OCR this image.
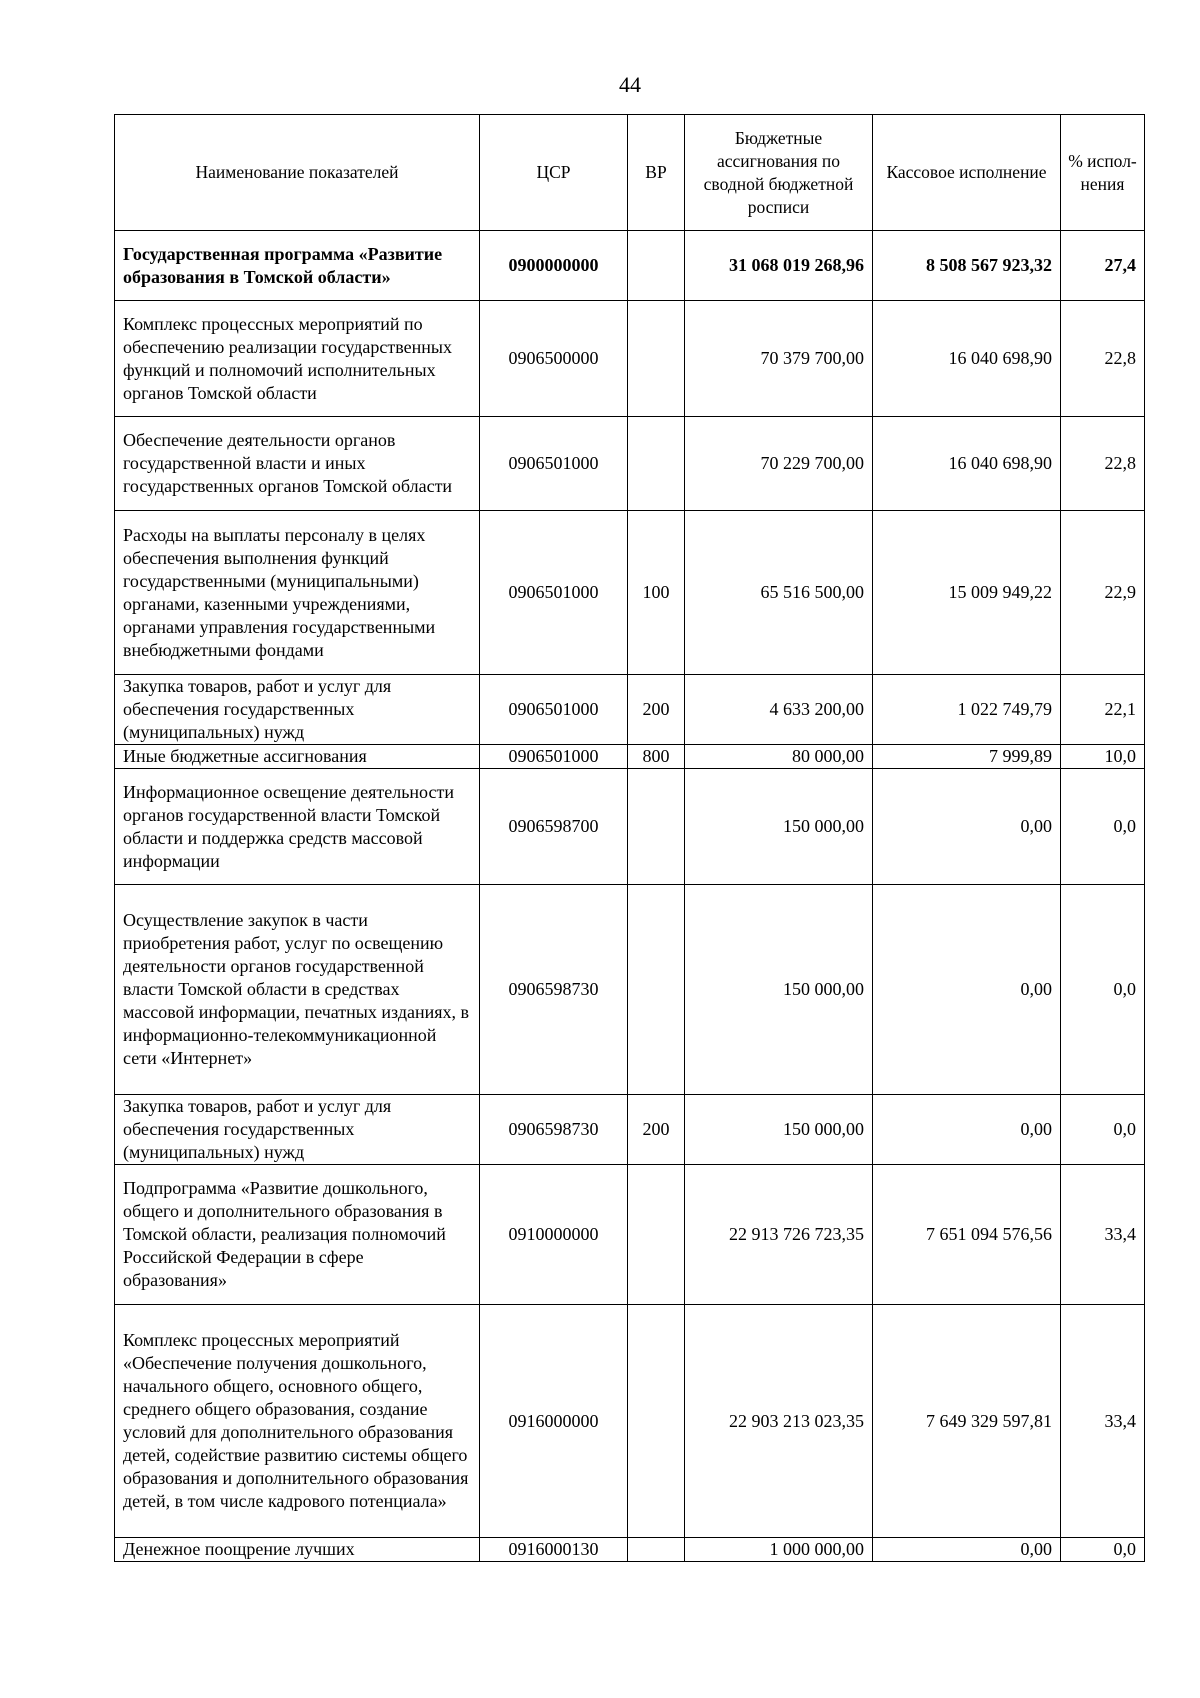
44
Наименование показателей	ЦСР	ВР	Бюджетные ассигнования по сводной бюджетной росписи	Кассовое исполнение	% испол-нения
Государственная программа «Развитие образования в Томской области»	0900000000		31 068 019 268,96	8 508 567 923,32	27,4
Комплекс процессных мероприятий по обеспечению реализации государственных функций и полномочий исполнительных органов Томской области	0906500000		70 379 700,00	16 040 698,90	22,8
Обеспечение деятельности органов государственной власти и иных государственных органов Томской области	0906501000		70 229 700,00	16 040 698,90	22,8
Расходы на выплаты персоналу в целях обеспечения выполнения функций государственными (муниципальными) органами, казенными учреждениями, органами управления государственными внебюджетными фондами	0906501000	100	65 516 500,00	15 009 949,22	22,9
Закупка товаров, работ и услуг для обеспечения государственных (муниципальных) нужд	0906501000	200	4 633 200,00	1 022 749,79	22,1
Иные бюджетные ассигнования	0906501000	800	80 000,00	7 999,89	10,0
Информационное освещение деятельности органов государственной власти Томской области и поддержка средств массовой информации	0906598700		150 000,00	0,00	0,0
Осуществление закупок в части приобретения работ, услуг по освещению деятельности органов государственной власти Томской области в средствах массовой информации, печатных изданиях, в информационно-телекоммуникационной сети «Интернет»	0906598730		150 000,00	0,00	0,0
Закупка товаров, работ и услуг для обеспечения государственных (муниципальных) нужд	0906598730	200	150 000,00	0,00	0,0
Подпрограмма «Развитие дошкольного, общего и дополнительного образования в Томской области, реализация полномочий Российской Федерации в сфере образования»	0910000000		22 913 726 723,35	7 651 094 576,56	33,4
Комплекс процессных мероприятий «Обеспечение получения дошкольного, начального общего, основного общего, среднего общего образования, создание условий для дополнительного образования детей, содействие развитию системы общего образования и дополнительного образования детей, в том числе кадрового потенциала»	0916000000		22 903 213 023,35	7 649 329 597,81	33,4
Денежное поощрение лучших	0916000130		1 000 000,00	0,00	0,0
